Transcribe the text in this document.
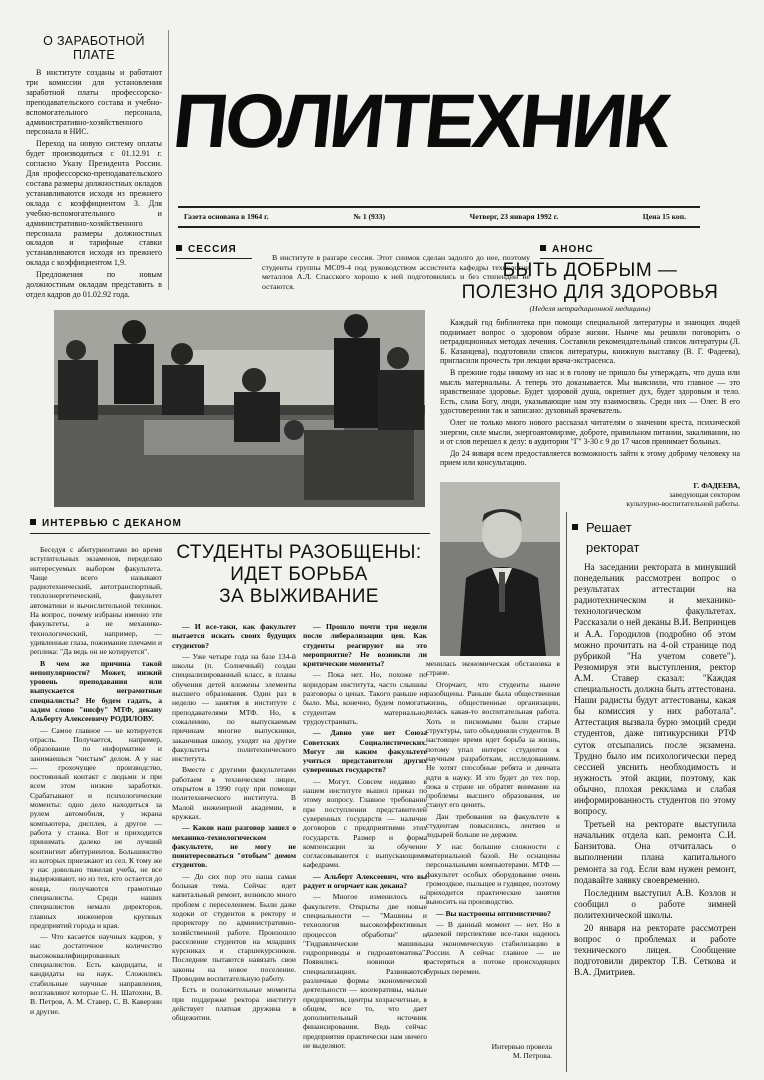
О ЗАРАБОТНОЙ
ПЛАТЕ

В институте созданы и работают три комиссии для установления заработной платы профессорско-преподавательского состава и учебно-вспомогательного персонала, административно-хозяйственного персонала и НИС.

Переход на новую систему оплаты будет производиться с 01.12.91 г. согласно Указу Президента России. Для профессорско-преподавательского состава размеры должностных окладов устанавливаются исходя из прежнего оклада с коэффициентом 3. Для учебно-вспомогательного и административно-хозяйственного персонала размеры должностных окладов и тарифные ставки устанавливаются исходя из прежнего оклада с коэффициентом 1,9.

Предложения по новым должностным окладам представить в отдел кадров до 01.02.92 года.

ПОЛИТЕХНИК
Газета основана в 1964 г.	№ 1 (933)	Четверг, 23 января 1992 г.	Цена 15 коп.
СЕССИЯ
В институте в разгаре сессия. Этот снимок сделан задолго до нее, поэтому студенты группы МС09-4 под руководством ассистента кафедры технологии металлов А.Л. Спасского хорошо к ней подготовились и без стипендии не остаются.
АНОНС
БЫТЬ ДОБРЫМ —
ПОЛЕЗНО ДЛЯ ЗДОРОВЬЯ
(Неделя нетрадиционной медицины)

Каждый год библиотека при помощи специальной литературы и знающих людей поднимает вопрос о здоровом образе жизни. Нынче мы решили поговорить о нетрадиционных методах лечения. Составили рекомендательный список литературы (Л. Б. Казанцева), подготовили список литературы, книжную выставку (В. Г. Фадеева), пригласили прочесть три лекции врача-экстрасенса.

В прежние годы никому из нас и в голову не пришло бы утверждать, что душа или мысль материальны. А теперь это доказывается. Мы выяснили, что главное — это нравственное здоровье. Будет здоровой душа, окрепнет дух, будет здоровым и тело. Есть, слава Богу, люди, указывающие нам эту взаимосвязь. Среди них — Олег. В его удостоверении так и записано: духовный врачеватель.

Олег не только много нового рассказал читателям о значении креста, психической энергии, силе мысли, энергоавтомирзме, доброте, правильном питании, закаливании, но и от слов перешел к делу: в аудитории "Г" 3-30 с 9 до 17 часов принимает больных.

До 24 января всем предоставляется возможность зайти к этому доброму человеку на прием или консультацию.

Г. ФАДЕЕВА,
заведующая сектором
культурно-воспитательной работы.
ИНТЕРВЬЮ С ДЕКАНОМ
СТУДЕНТЫ РАЗОБЩЕНЫ:
ИДЕТ БОРЬБА
ЗА ВЫЖИВАНИЕ

Беседуя с абитуриентами во время вступительных экзаменов, переделаю интересуемых выбором факультета. Чаще всего называют радиотехнический, автотранспортный, теплоэнергетический, факультет автоматики и вычислительной техники. На вопрос, почему избраны именно эти факультеты, а не механико-технологический, например, — удивленные глаза, пожимание плечами и реплика: "Да ведь он не котируется".

В чем же причина такой непопулярности? Может, низкий уровень преподавания или выпускается неграмотные специалисты? Не будем гадать, а задим слово "нисфу" МТФ, декану Альберту Алексеевичу РОДИЛОВУ.

— Самое главное — не котируется отрасль. Получается, например, образование по информатике и занимаешься "чистым" делом. А у нас — грохочущее производство, постоянный контакт с людьми и при всем этом низкие заработки. Срабатывают и психологические моменты: одно дело находиться за рулем автомобиля, у экрана компьютера, дисплея, а другое — работа у станка. Вот и приходится принимать далеко не лучший контингент абитуриентов. Большинство из которых приезжают из сел. К тому же у нас довольно тяжелая учеба, не все выдерживают, но из тех, кто остается до конца, получаются грамотные специалисты. Среди наших специалистов немало директоров, главных инженеров крупных предприятий города и края.

— Что касается научных кадров, у нас достаточное количество высококвалифицированных специалистов. Есть кандидаты, и кандидаты на наук. Сложились стабильные научные направления, возглавляют которые С. Н. Шатохин, В. В. Петров, А. М. Ставер, С. В. Каверзин и другие.

— И все-таки, как факультет пытается искать своих будущих студентов?

— Уже четыре года на базе 134-й школы (п. Солнечный) создан специализированный класс, в планы обучения детей вложены элементы высшего образования. Один раз в неделю — занятия в институте с преподавателями МТФ. Но, к сожалению, по выпускаемым причинам многие выпускники, заканчивая школу, уходят на другие факультеты политехнического института.

Вместе с другими факультетами работаем в техническом лицее, открытом в 1990 году при помощи политехнического института. В Малой инженерной академии, в кружках.

— Каков наш разговор зашел о механико-технологическом факультете, не могу не поинтересоваться "отобым" домом студентов.

— До сих пор это наша самая больная тема. Сейчас идет капитальный ремонт, возникло много проблем с переселением. Были даже ходоки от студентов к ректору и проректору по административно-хозяйственной работе. Произошло расселение студентов на младших курсниках и старшекурсников. Последние пытаются навязать свои законы на новое поселение. Проводим воспитательную работу.

Есть и положительные моменты при поддержке ректора институт действует платная дружина в общежитии.

— Прошло почти три недели после либерализации цен. Как студенты реагируют на это мероприятие? Не возникли ли критические моменты?

— Пока нет. Но, похоже по коридорам института, часто слышны разговоры о ценах. Такого раньше не было. Мы, конечно, будем помогать студентам материально, трудоустраивать.

— Давно уже нет Союза Советских Социалистических. Могут ли каким факультете учиться представители других суверенных государств?

— Могут. Совсем недавно в нашем институте вышел приказ по этому вопросу. Главное требование при поступлении представителей суверенных государств — наличие договоров с предприятиями этих государств. Размер и форма компенсации за обучение согласовываются с выпускающими кафедрами.

— Альберт Алексеевич, что вы радует и огорчает как декана?

— Многое изменилось на факультете. Открыты две новые специальности — "Машины и технология высокоэффективных процессов обработки" и "Гидравлические машины, гидроприводы и гидроавтоматика". Появились новинки в специализациях. Развиваются различные формы экономической деятельности — кооперативы, малые предприятия, центры хозрасчетные, в общем, все то, что дает дополнительный источник финансирования. Ведь сейчас предприятия практически нам ничего не выделяют.

менилась экономическая обстановка в стране.

Огорчает, что студенты нынче разобщены. Раньше была общественная жизнь, общественные организации, велась какая-то воспитательная работа. Хоть и пискомыми были старые структуры, зато объединяли студентов. В настоящее время идет борьба за жизнь, потому упал интерес студентов к научным разработкам, исследованиям. Не хотят способные ребята и девчата идти в науку. И это будет до тех пор, пока в стране не обратят внимание на проблемы высшего образования, не станут его ценить.

Дан требования на факультете к студентам повысились, лентяев и лодырей больше не держим.

У нас большие сложности с материальной базой. Не оснащены персональными компьютерами. МТФ — факультет особых оборудование очень громоздкое, пыльщее и гудящее, поэтому приходится практические занятия выносить на производство.

— Вы настроены оптимистично?

— В данный момент — нет. Но в далекой перспективе все-таки надеюсь на экономическую стабилизацию в России. А сейчас главное — не растеряться в потоке происходящих бурных перемен.

Интервью провела
М. Петрова.
Решает
ректорат

На заседании ректората в минувший понедельник рассмотрен вопрос о результатах аттестации на радиотехническом и механико-технологическом факультетах. Рассказали о ней деканы В.И. Вепринцев и А.А. Городилов (подробно об этом можно прочитать на 4-ой странице под рубрикой "На учетом совете"). Резюмируя эти выступления, ректор А.М. Ставер сказал: "Каждая специальность должна быть аттестована. Наши радисты будут аттестованы, какая бы комиссия у них работала". Аттестация вызвала бурю эмоций среди студентов, даже пятикурсники РТФ суток отсыпались после экзамена. Трудно было им психологически перед сессией уяснить необходимость и нужность этой акции, поэтому, как обычно, плохая рекклама и слабая информированность студентов по этому вопросу.

Третьей на ректорате выступила начальник отдела кап. ремонта С.И. Банзитова. Она отчиталась о выполнении плана капитального ремонта за год. Если вам нужен ремонт, подавайте заявку своевременно.

Последним выступил А.В. Козлов и сообщил о работе зимней политехнической школы.

20 января на ректорате рассмотрен вопрос о проблемах и работе технического лицея. Сообщение подготовили директор Т.В. Сеткова и В.А. Дмитриев.
